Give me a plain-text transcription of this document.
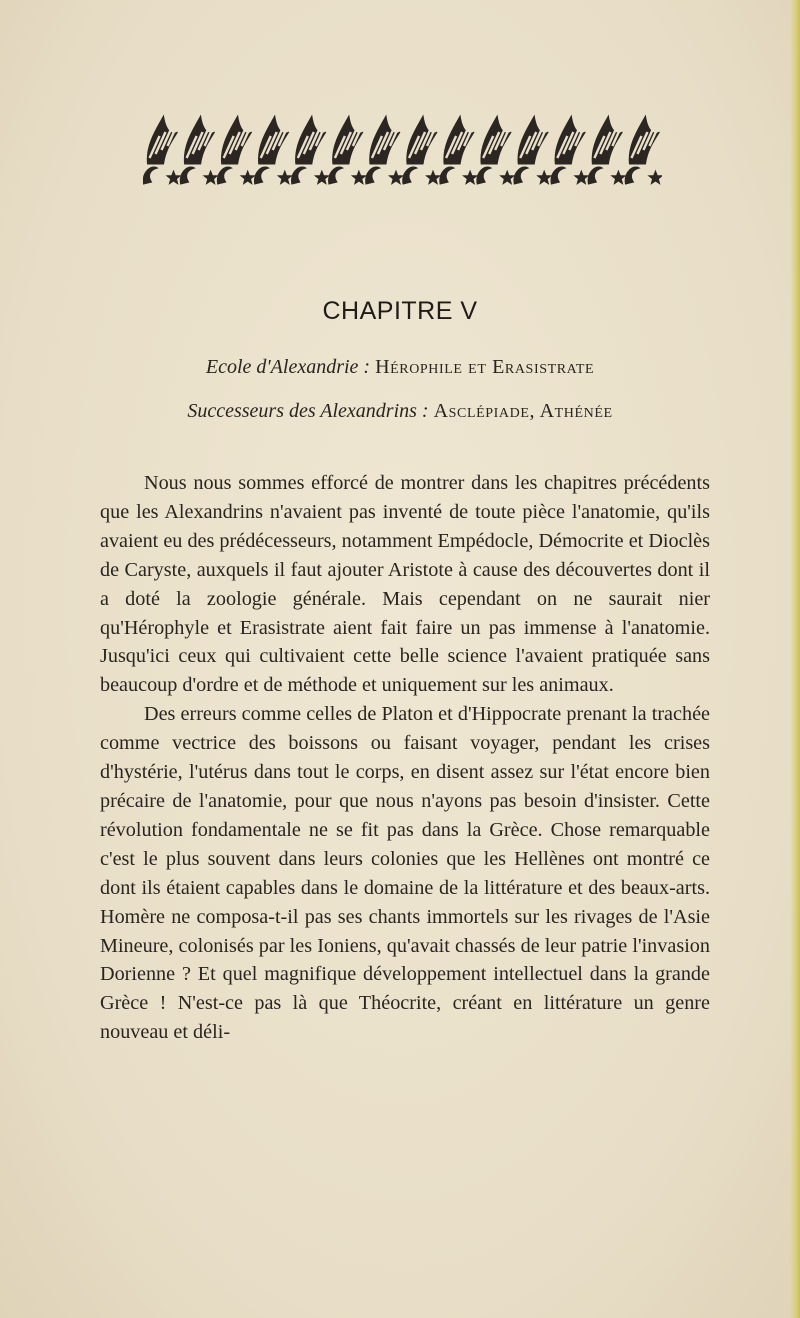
CHAPITRE V
Ecole d'Alexandrie : Hérophile et Erasistrate
Successeurs des Alexandrins : Asclépiade, Athénée

Nous nous sommes efforcé de montrer dans les chapitres précédents que les Alexandrins n'avaient pas inventé de toute pièce l'anatomie, qu'ils avaient eu des prédécesseurs, notamment Empédocle, Démocrite et Dioclès de Caryste, auxquels il faut ajouter Aristote à cause des découvertes dont il a doté la zoologie générale. Mais cependant on ne saurait nier qu'Hérophyle et Erasistrate aient fait faire un pas immense à l'anatomie. Jusqu'ici ceux qui cultivaient cette belle science l'avaient pratiquée sans beaucoup d'ordre et de méthode et uniquement sur les animaux.

Des erreurs comme celles de Platon et d'Hippocrate prenant la trachée comme vectrice des boissons ou faisant voyager, pendant les crises d'hystérie, l'utérus dans tout le corps, en disent assez sur l'état encore bien précaire de l'anatomie, pour que nous n'ayons pas besoin d'insister. Cette révolution fondamentale ne se fit pas dans la Grèce. Chose remarquable c'est le plus souvent dans leurs colonies que les Hellènes ont montré ce dont ils étaient capables dans le domaine de la littérature et des beaux-arts. Homère ne composa-t-il pas ses chants immortels sur les rivages de l'Asie Mineure, colonisés par les Ioniens, qu'avait chassés de leur patrie l'invasion Dorienne ? Et quel magnifique développement intellectuel dans la grande Grèce ! N'est-ce pas là que Théocrite, créant en littérature un genre nouveau et déli-
